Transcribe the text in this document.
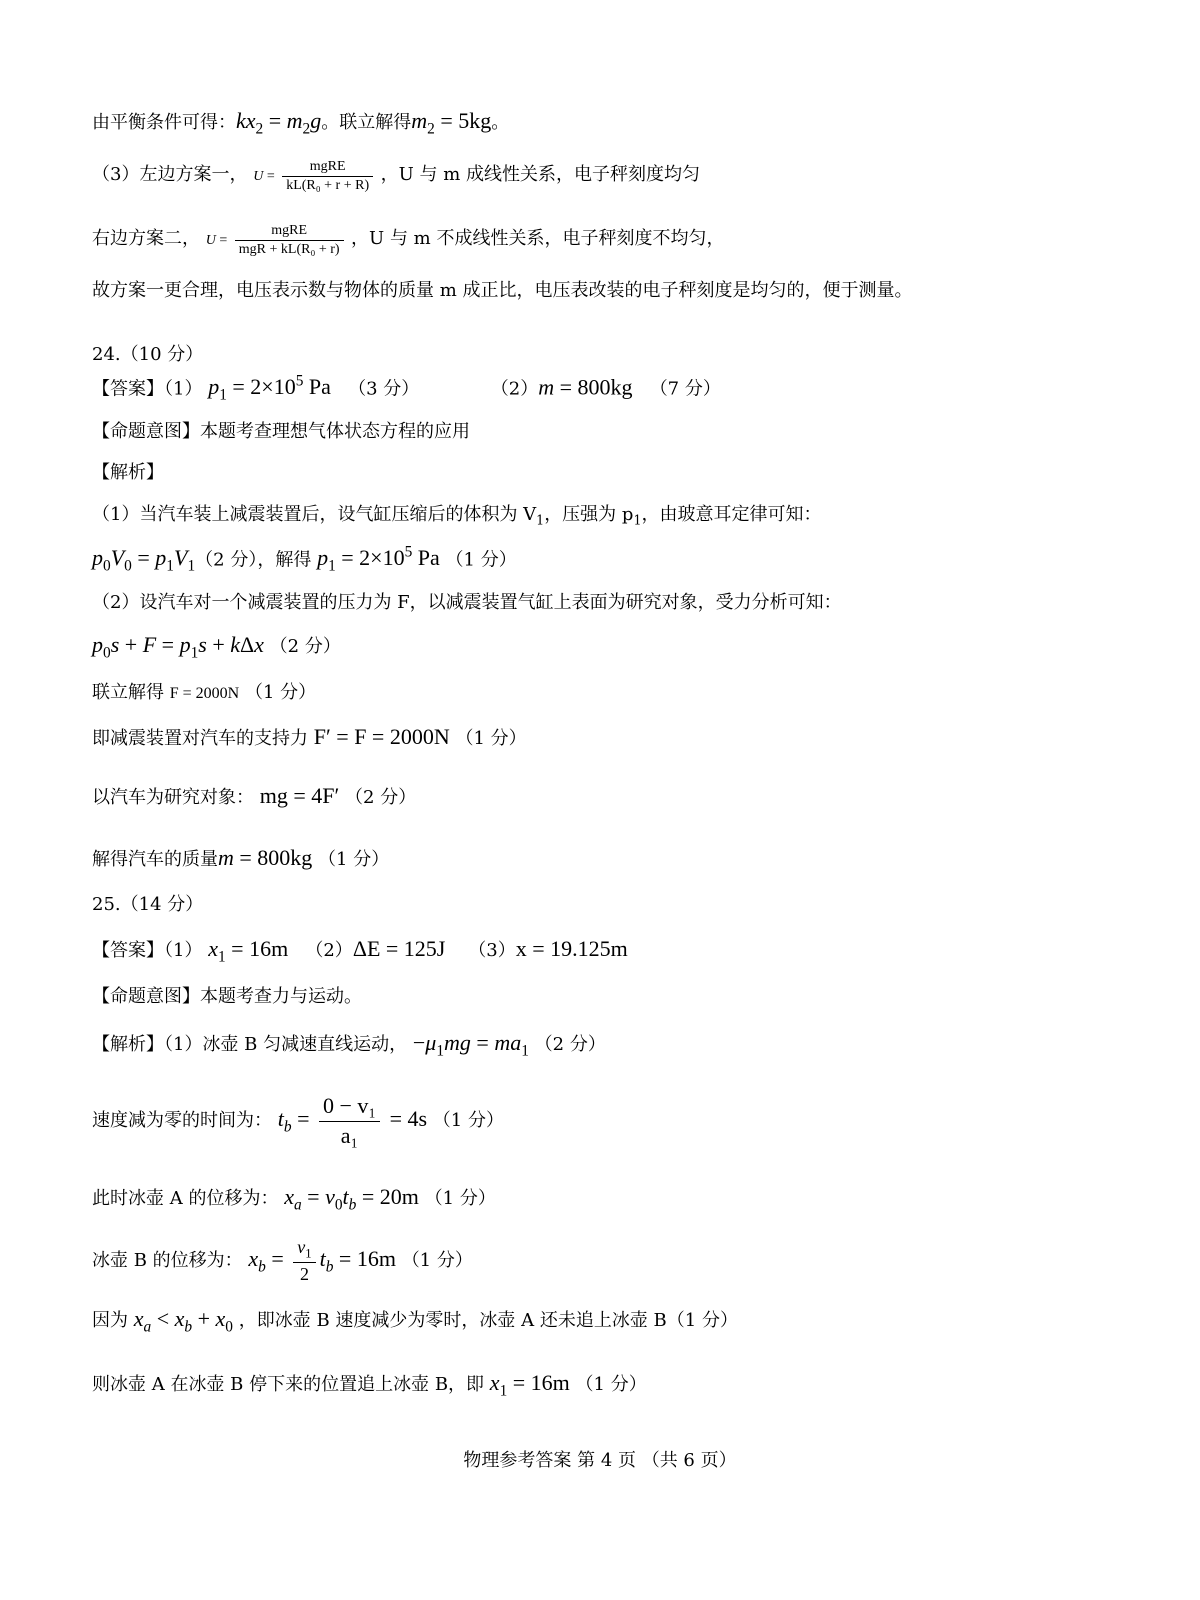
由平衡条件可得：$kx_2 = m_2g$。联立解得$m_2 = 5kg$。
（3）左边方案一， $U = \frac{\text{mgRE}}{\text{kL(R₀ + r + R)}}$ ，U 与 m 成线性关系，电子秤刻度均匀
右边方案二， $U = \frac{\text{mgRE}}{\text{mgR + kL(R₀ + r)}}$ ，U 与 m 不成线性关系，电子秤刻度不均匀，
故方案一更合理，电压表示数与物体的质量 m 成正比，电压表改装的电子秤刻度是均匀的，便于测量。
24.（10 分）
【答案】（1） $p_1 = 2\times 10^5$ Pa （3 分）	（2）m = 800kg （7 分）
【命题意图】本题考查理想气体状态方程的应用
【解析】
（1）当汽车装上减震装置后，设气缸压缩后的体积为 $V_1$，压强为 $p_1$，由玻意耳定律可知：
$p_0V_0 = p_1V_1(2$ 分），解得 $p_1 = 2\times 10^5$ Pa （1 分）
（2）设汽车对一个减震装置的压力为 F，以减震装置气缸上表面为研究对象，受力分析可知：
$p_0s + F = p_1s + k\Delta x$ （2 分）
联立解得 F = 2000N （1 分）
即减震装置对汽车的支持力 F′ = F = 2000N （1 分）
以汽车为研究对象： mg = 4F′ （2 分）
解得汽车的质量m = 800kg （1 分）
25.（14 分）
【答案】（1） $x_1 = 16m$ （2）ΔE = 125J （3）x = 19.125m
【命题意图】本题考查力与运动。
【解析】（1）冰壶 B 匀减速直线运动， $-\mu_1mg = ma_1$ （2 分）
速度减为零的时间为： $t_b = \frac{\text{0 − v₁}}{\text{a₁}} = 4s$ （1 分）
此时冰壶 A 的位移为： $x_a = v_0t_b = 20m$ （1 分）
冰壶 B 的位移为： $x_b = \frac{v_1}{2} t_b = 16m$ （1 分）
因为 $x_a < x_b + x_0$ ，即冰壶 B 速度减少为零时，冰壶 A 还未追上冰壶 B（1 分）
则冰壶 A 在冰壶 B 停下来的位置追上冰壶 B，即 $x_1 = 16m$ （1 分）
物理参考答案 第 4 页 （共 6 页）
